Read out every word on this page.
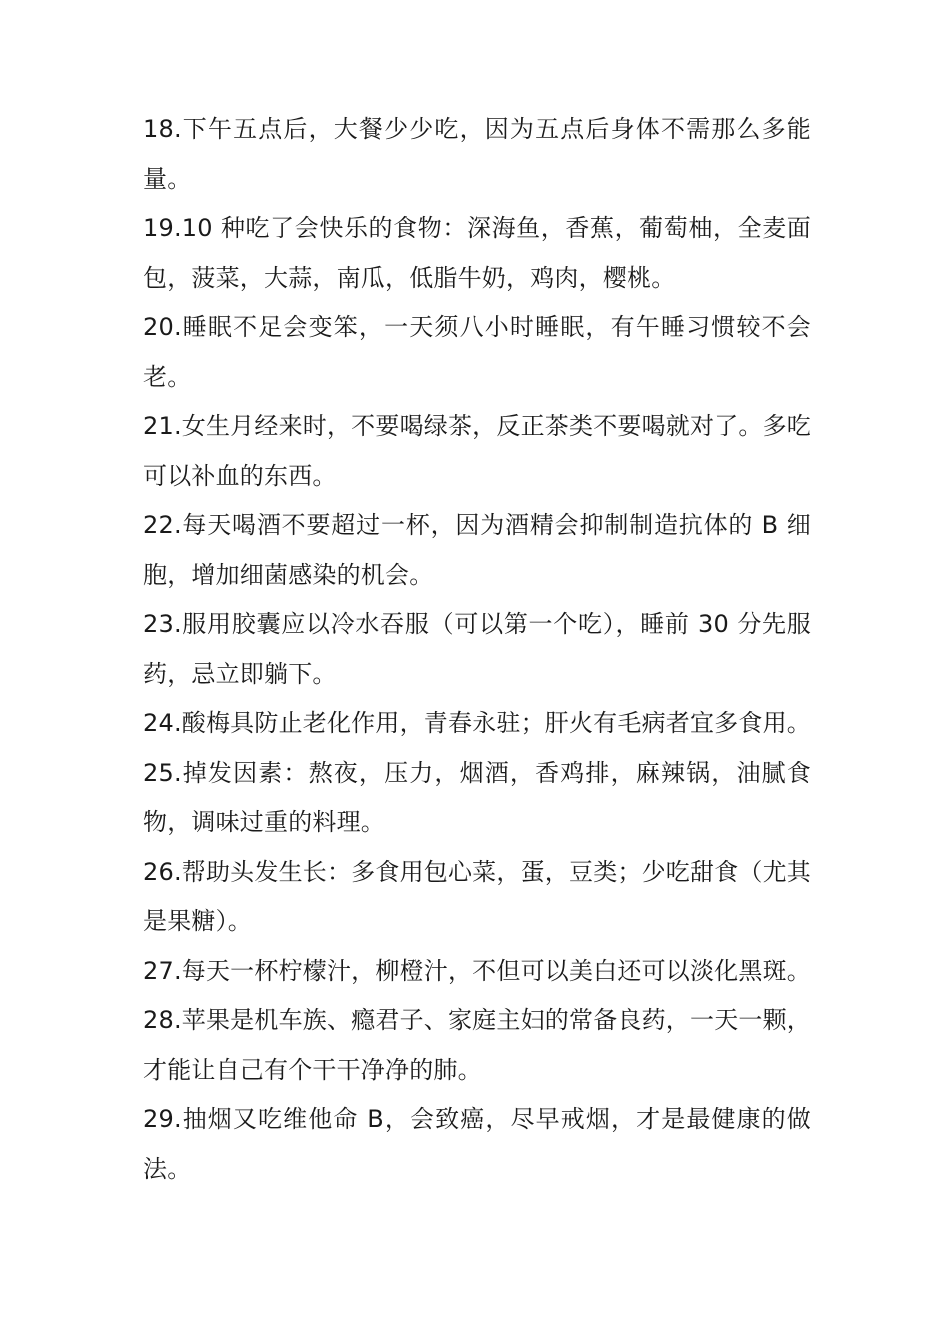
18.下午五点后，大餐少少吃，因为五点后身体不需那么多能量。

19.10 种吃了会快乐的食物：深海鱼，香蕉，葡萄柚，全麦面包，菠菜，大蒜，南瓜，低脂牛奶，鸡肉，樱桃。

20.睡眠不足会变笨，一天须八小时睡眠，有午睡习惯较不会老。

21.女生月经来时，不要喝绿茶，反正茶类不要喝就对了。多吃可以补血的东西。

22.每天喝酒不要超过一杯，因为酒精会抑制制造抗体的 B 细胞，增加细菌感染的机会。

23.服用胶囊应以冷水吞服（可以第一个吃），睡前 30 分先服药，忌立即躺下。

24.酸梅具防止老化作用，青春永驻；肝火有毛病者宜多食用。

25.掉发因素：熬夜，压力，烟酒，香鸡排，麻辣锅，油腻食物，调味过重的料理。

26.帮助头发生长：多食用包心菜，蛋，豆类；少吃甜食（尤其是果糖）。

27.每天一杯柠檬汁，柳橙汁，不但可以美白还可以淡化黑斑。

28.苹果是机车族、瘾君子、家庭主妇的常备良药，一天一颗，才能让自己有个干干净净的肺。

29.抽烟又吃维他命 B，会致癌，尽早戒烟，才是最健康的做法。
